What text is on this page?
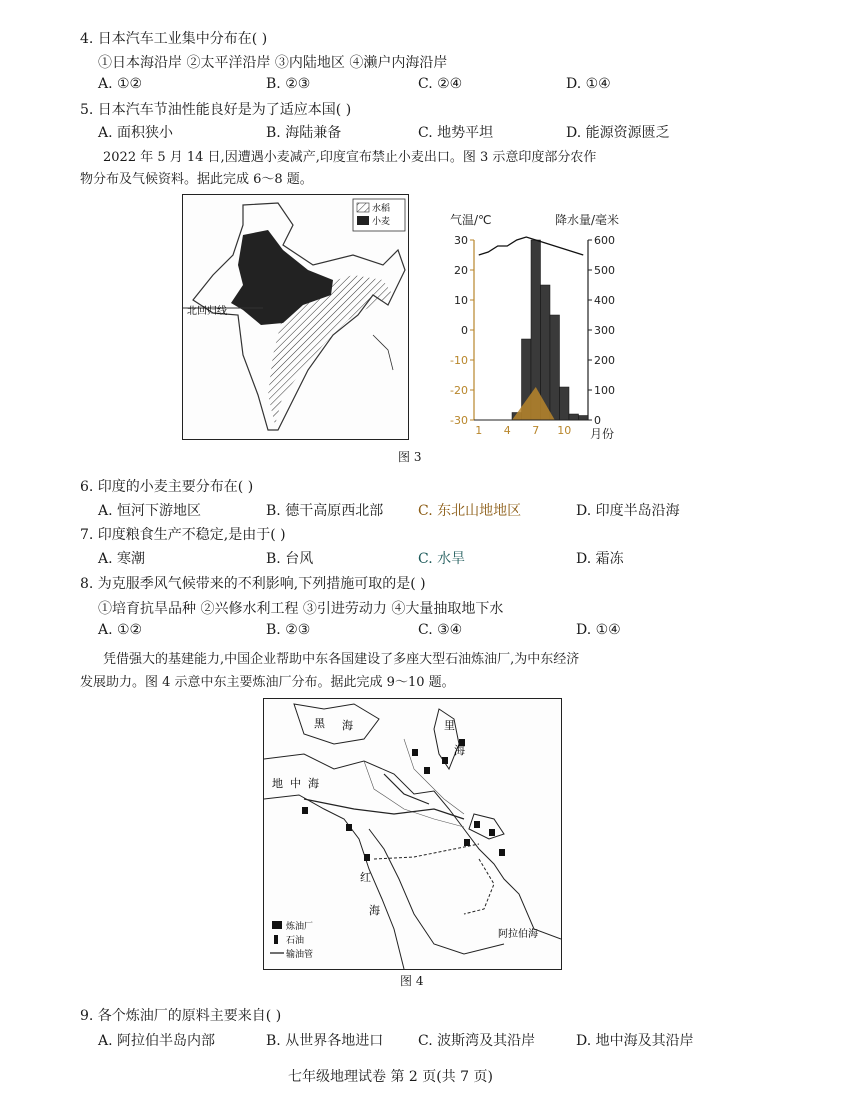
4. 日本汽车工业集中分布在( )
①日本海沿岸 ②太平洋沿岸 ③内陆地区 ④濑户内海沿岸
A. ①②	B. ②③	C. ②④	D. ①④
5. 日本汽车节油性能良好是为了适应本国( )
A. 面积狭小	B. 海陆兼备	C. 地势平坦	D. 能源资源匮乏
2022 年 5 月 14 日,因遭遇小麦减产,印度宣布禁止小麦出口。图 3 示意印度部分农作
物分布及气候资料。据此完成 6～8 题。
北回归线
水稻
小麦	气温/℃	降水量/毫米
30
20
10
0
-10
-20
-30
600
500
400
300
200
100
0
1 4 7 10 月份
图 3
6. 印度的小麦主要分布在( )
A. 恒河下游地区	B. 德干高原西北部 C. 东北山地地区	D. 印度半岛沿海
7. 印度粮食生产不稳定,是由于( )
A. 寒潮	B. 台风	C. 水旱	D. 霜冻
8. 为克服季风气候带来的不利影响,下列措施可取的是( )
①培育抗旱品种 ②兴修水利工程 ③引进劳动力 ④大量抽取地下水
A. ①②	B. ②③	C. ③④	D. ①④
凭借强大的基建能力,中国企业帮助中东各国建设了多座大型石油炼油厂,为中东经济
发展助力。图 4 示意中东主要炼油厂分布。据此完成 9～10 题。
黑 海	里
海
地 中 海
红
海
阿拉伯海
炼油厂
石油
输油管
图 4
9. 各个炼油厂的原料主要来自( )
A. 阿拉伯半岛内部	B. 从世界各地进口 C. 波斯湾及其沿岸	D. 地中海及其沿岸
七年级地理试卷 第 2 页(共 7 页)
